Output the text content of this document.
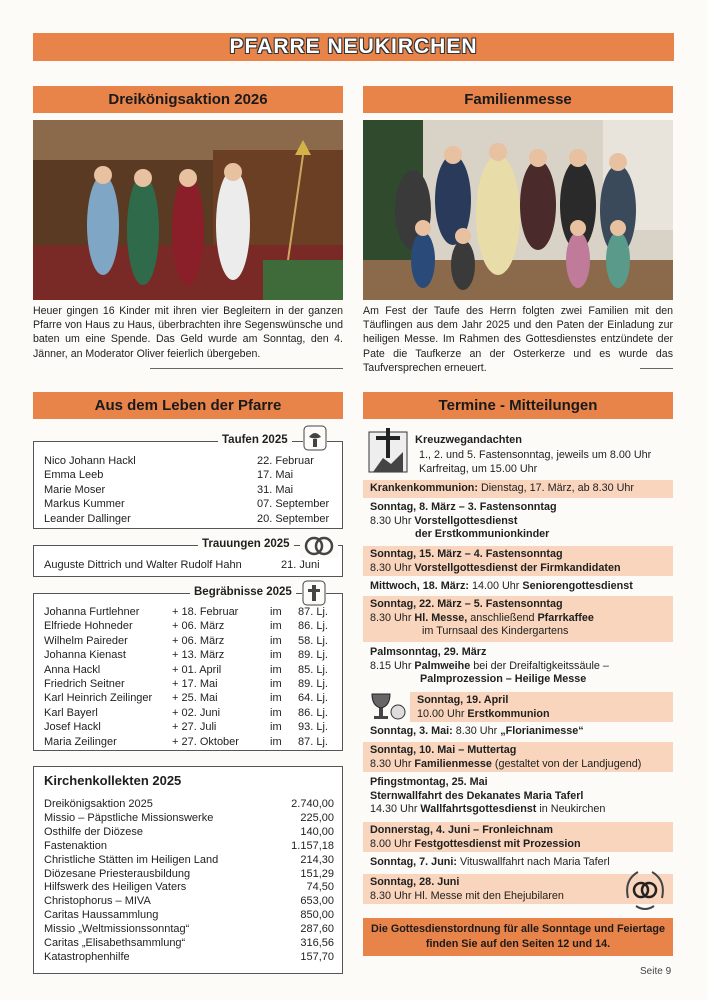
PFARRE NEUKIRCHEN
Dreikönigsaktion 2026
Heuer gingen 16 Kinder mit ihren vier Begleitern in der ganzen Pfarre von Haus zu Haus, überbrachten ihre Segenswünsche und baten um eine Spende. Das Geld wurde am Sonntag, den 4. Jänner, an Moderator Oliver feierlich übergeben.
Familienmesse
Am Fest der Taufe des Herrn folgten zwei Familien mit den Täuflingen aus dem Jahr 2025 und den Paten der Einladung zur heiligen Messe. Im Rahmen des Gottesdienstes entzündete der Pate die Taufkerze an der Osterkerze und es wurde das Taufversprechen erneuert.
Aus dem Leben der Pfarre
Taufen 2025
Nico Johann Hackl	22. Februar
Emma Leeb	17. Mai
Marie Moser	31. Mai
Markus Kummer	07. September
Leander Dallinger	20. September
Trauungen 2025
Auguste Dittrich und Walter Rudolf Hahn	21. Juni
Begräbnisse 2025
Johanna Furtlehner	+ 18. Februar	im 87. Lj.
Elfriede Hohneder	+ 06. März	im 86. Lj.
Wilhelm Paireder	+ 06. März	im 58. Lj.
Johanna Kienast	+ 13. März	im 89. Lj.
Anna Hackl	+ 01. April	im 85. Lj.
Friedrich Seitner	+ 17. Mai	im 89. Lj.
Karl Heinrich Zeilinger + 25. Mai	im 64. Lj.
Karl Bayerl	+ 02. Juni	im 86. Lj.
Josef Hackl	+ 27. Juli	im 93. Lj.
Maria Zeilinger	+ 27. Oktober	im 87. Lj.
Kirchenkollekten 2025
Dreikönigsaktion 2025	2.740,00
Missio – Päpstliche Missionswerke	225,00
Osthilfe der Diözese	140,00
Fastenaktion	1.157,18
Christliche Stätten im Heiligen Land	214,30
Diözesane Priesterausbildung	151,29
Hilfswerk des Heiligen Vaters	74,50
Christophorus – MIVA	653,00
Caritas Haussammlung	850,00
Missio „Weltmissionssonntag“	287,60
Caritas „Elisabethsammlung“	316,56
Katastrophenhilfe	157,70
Termine - Mitteilungen
Kreuzwegandachten
1., 2. und 5. Fastensonntag, jeweils um 8.00 Uhr
Karfreitag, um 15.00 Uhr
Krankenkommunion: Dienstag, 17. März, ab 8.30 Uhr
Sonntag, 8. März – 3. Fastensonntag
8.30 Uhr Vorstellgottesdienst
der Erstkommunionkinder
Sonntag, 15. März – 4. Fastensonntag
8.30 Uhr Vorstellgottesdienst der Firmkandidaten
Mittwoch, 18. März: 14.00 Uhr Seniorengottesdienst
Sonntag, 22. März – 5. Fastensonntag
8.30 Uhr Hl. Messe, anschließend Pfarrkaffee
im Turnsaal des Kindergartens
Palmsonntag, 29. März
8.15 Uhr Palmweihe bei der Dreifaltigkeitssäule –
Palmprozession – Heilige Messe
Sonntag, 19. April
10.00 Uhr Erstkommunion
Sonntag, 3. Mai: 8.30 Uhr „Florianimesse“
Sonntag, 10. Mai – Muttertag
8.30 Uhr Familienmesse (gestaltet von der Landjugend)
Pfingstmontag, 25. Mai
Sternwallfahrt des Dekanates Maria Taferl
14.30 Uhr Wallfahrtsgottesdienst in Neukirchen
Donnerstag, 4. Juni – Fronleichnam
8.00 Uhr Festgottesdienst mit Prozession
Sonntag, 7. Juni: Vituswallfahrt nach Maria Taferl
Sonntag, 28. Juni
8.30 Uhr Hl. Messe mit den Ehejubilaren
Die Gottesdienstordnung für alle Sonntage und Feiertage finden Sie auf den Seiten 12 und 14.
Seite 9
